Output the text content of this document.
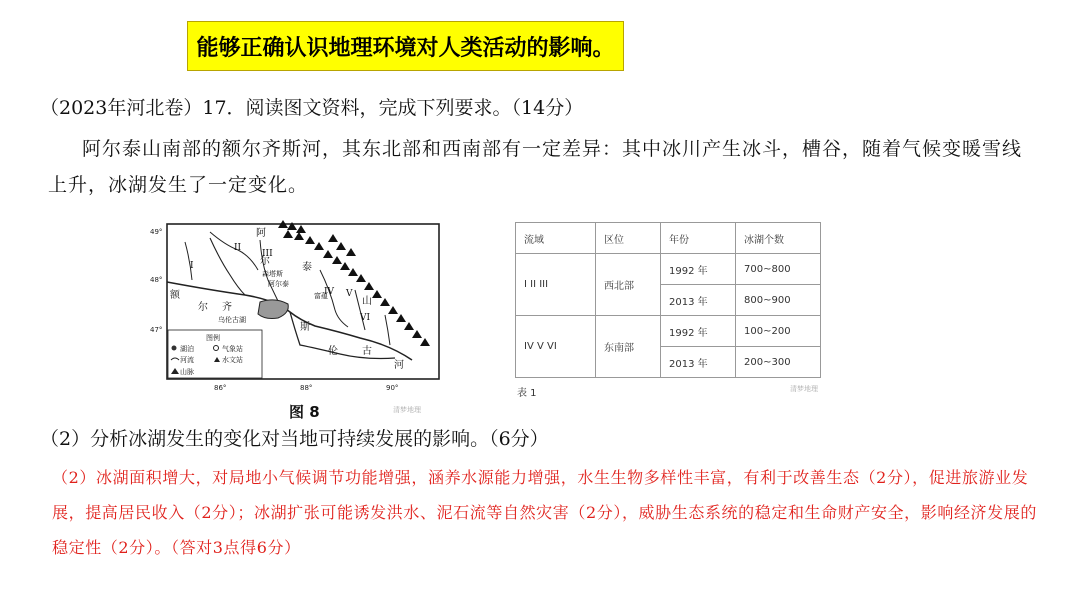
能够正确认识地理环境对人类活动的影响。
（2023年河北卷）17．阅读图文资料，完成下列要求。（14分）
阿尔泰山南部的额尔齐斯河，其东北部和西南部有一定差异：其中冰川产生冰斗，槽谷，随着气候变暖雪线上升，冰湖发生了一定变化。
49°
48°
47°
86°	88°	90°
阿
尔
泰
山
额
尔 齐
斯
河
伦 古
乌伦古湖
森塔斯
阿尔泰
富蕴
I
II
III
IV V
VI
图例
湖泊	气象站
河流	水文站
山脉
图 8	清梦地理
流域	区位	年份	冰湖个数
I II III	西北部	1992 年	700~800
		2013 年	800~900
IV V VI	东南部	1992 年	100~200
		2013 年	200~300
表 1	清梦地理
（2）分析冰湖发生的变化对当地可持续发展的影响。（6分）
（2）冰湖面积增大，对局地小气候调节功能增强，涵养水源能力增强，水生生物多样性丰富，有利于改善生态（2分），促进旅游业发展，提高居民收入（2分）；冰湖扩张可能诱发洪水、泥石流等自然灾害（2分），威胁生态系统的稳定和生命财产安全，影响经济发展的稳定性（2分）。（答对3点得6分）
